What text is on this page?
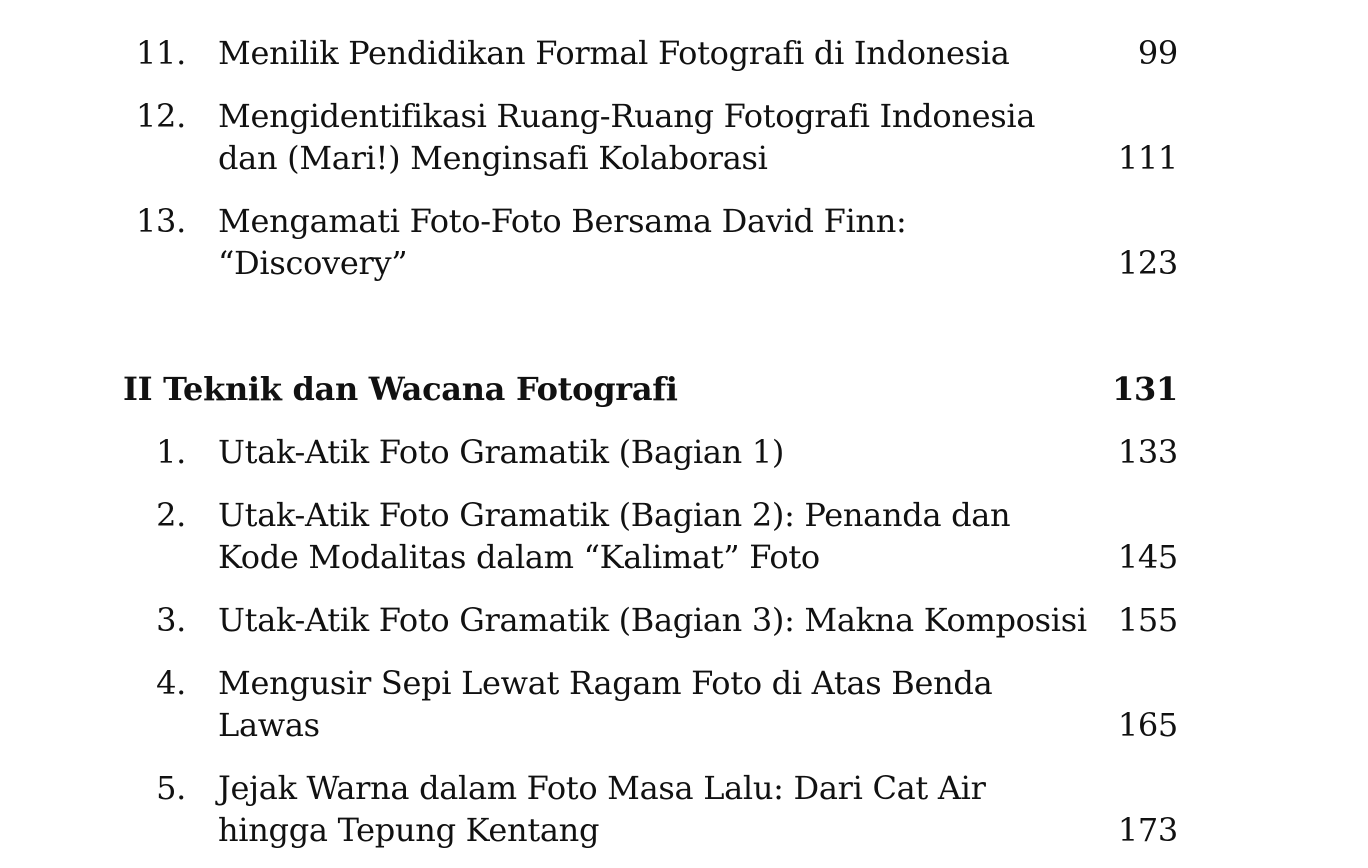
11. Menilik Pendidikan Formal Fotografi di Indonesia	99
12. Mengidentifikasi Ruang-Ruang Fotografi Indonesia
dan (Mari!) Menginsafi Kolaborasi	111
13. Mengamati Foto-Foto Bersama David Finn:
“Discovery”	123
II Teknik dan Wacana Fotografi	131
1. Utak-Atik Foto Gramatik (Bagian 1)	133
2. Utak-Atik Foto Gramatik (Bagian 2): Penanda dan
Kode Modalitas dalam “Kalimat” Foto	145
3. Utak-Atik Foto Gramatik (Bagian 3): Makna Komposisi 155
4. Mengusir Sepi Lewat Ragam Foto di Atas Benda
Lawas	165
5. Jejak Warna dalam Foto Masa Lalu: Dari Cat Air
hingga Tepung Kentang	173
